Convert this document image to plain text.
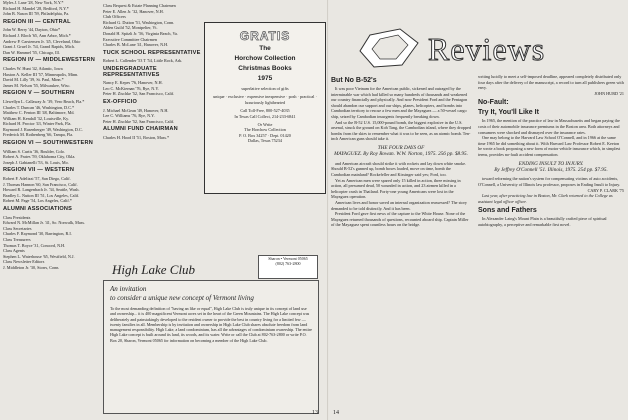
Myles J. Lane '28, New York, N.Y.*
Richard H. Mandel '28, Bedford, N.Y.*
John B. Nason III '59, Philadelphia, Pa.
REGION III — CENTRAL
John W. Berry '44, Dayton, Ohio*
Richard J. Bloch '65, Ann Arbor, Mich.*
Andrew P. Carstensen Jr. '45, Cleveland, Ohio
Grant J. Gruel Jr. '54, Grand Rapids, Mich.
Dan W. Hammel '55, Chicago, Ill.
REGION IV — MIDDLEWESTERN
Charles W. Hunt '42, Atlantic, Iowa
Haxton A. Keller III '57, Minneapolis, Minn.
David M. Lilly '39, St. Paul, Minn.*
James M. Nelson '55, Milwaukee, Wisc.
REGION V — SOUTHERN
Llewellyn L. Callaway Jr. '39, Vero Beach, Fla.*
Charles T. Duncan '46, Washington, D.C.*
Matthew C. Fenton III '48, Baltimore, Md.
William H. Kendall '32, Louisville, Ky.
Richard H. Proctor '43, Winter Park, Fla.
Raymond J. Rasenberger '49, Washington, D.C.
Frederick M. Rothenberg '66, Tampa, Fla.
REGION VI — SOUTHWESTERN
William S. Curtis '36, Boulder, Colo.
Robert A. Frates '59, Oklahoma City, Okla.
Joseph J. Gabianelli '53, St. Louis, Mo.
REGION VII — WESTERN
Robert F. Adelizzi '57, San Diego, Calif.
J. Thomas Hannon '60, San Francisco, Calif.
Howard R. Langenbach Jr. '34, Seattle, Wash.
Bradley L. Nutton III '51, Los Angeles, Calif.
Robert M. Page '54, Los Angeles, Calif.*
ALUMNI ASSOCIATIONS
Class Presidents
Edward N. McMillan Jr. '41, So. Norwalk, Mass.
Class Secretaries
Charles F. Raymond '30, Barrington, R.I.
Class Treasurers
Thomas T. Boyce '31, Concord, N.H.
Class Agents
Stephen L. Waterhouse '65, Westfield, N.J.
Class Newsletter Editors
J. Middleton Jr. '30, Storrs, Conn.
Class Bequest & Estate Planning Chairmen
Peter E. Allen Jr. '32, Hanover, N.H.
Club Officers
Richard G. Dutton '51, Washington, Conn.
Alden Guild '52, Montpelier, Vt.
Donald H. Spitzli Jr. '56, Virginia Beach, Va.
Executive Committee Chairmen
Charles B. McLane '41, Hanover, N.H.
TUCK SCHOOL REPRESENTATIVE
Robert L. Callender '53 T '54, Little Rock, Ark.
UNDERGRADUATE REPRESENTATIVES
Nancy E. Kepes '76, Hanover, N.H.
Leo C. McKiernan '76, Rye, N.Y.
Peter H. Zischke '52, San Francisco, Calif.
EX-OFFICIO
J. Michael McGean '49, Hanover, N.H.
Lee C. Williams '76, Rye, N.Y.
Peter H. Zischke '52, San Francisco, Calif.
ALUMNI FUND CHAIRMAN
Charles H. Hood II '51, Boston, Mass.*
GRATIS
The
Horchow Collection
Christmas Books
1975
superlative selection of gifts
unique · exclusive · expensive inexpensive · posh · practical · luxuriously lighthearted
Call Toll-Free, 800-527-4035
In Texas Call Collect, 214-233-6841
Or Write
The Horchow Collection
P. O. Box 34257 · Dept. 01420
Dallas, Texas 75234
High Lake Club
Sharon • Vermont 05065
(802) 763-2800
An invitation
to consider a unique new concept of Vermont living
To the most demanding definition of "having an like or equal", High Lake Club is truly unique in its concept of land use and ownership... it is 400 magnificent Vermont acres set in the heart of the Green Mountains. The High Lake concept was deliberately and painstakingly developed to the resident owner to provide the best in country living for a limited few — twenty families in all. Membership is by invitation and ownership in High Lake Club shares absolute freedom from land management responsibility. High Lake, a land condominium, has all the advantages of condominium ownership. The entire High Lake concept is built around its land, its woods, and its water. Write or call the Club at 802-763-2800 or write P.O. Box 20, Sharon, Vermont 05065 for information on becoming a member of the High Lake Club.
13
Reviews
But No B-52's

It was poor Vietnam for the American public, sickened and outraged by the interminable war which had killed so many hundreds of thousands and weakened our country financially and physically. And now President Ford and the Pentagon should abandon our support and our ships, planes, helicopters, and bombs into Cambodian territory to rescue a few men and the Mayaguez — a 50-vessel cargo ship, seized by Cambodian insurgents frequently breaking down.

And so the B-52 U.S. 15,000-pound bomb, the biggest explosive in the U.S. arsenal, struck the ground on Koh Tang, the Cambodian island, where they dropped bombs from the skies to remember what it was to be seen, as an atomic bomb. Ten-inch American guns should take it.

THE FOUR DAYS OF
MAYAGUEZ. By Roy Rowan. W.W. Norton, 1975. 256 pp. $8.95.

and American aircraft should strike it with rockets and lay down white smoke. Should B-52's gunned up, bomb boxes loaded, move on time, bomb the Cambodian mainland? Rockefeller and Kissinger said yes; Ford, too.

Yet as American men were spared only 15 killed in action, three missing in action, all presumed dead, 50 wounded in action, and 23 airmen killed in a helicopter crash in Thailand. Forty-one young Americans were lost in the Mayaguez operation.

American lives and honor saved an internal organization reassessed? The story demanded to be told distinctly. And it has been.

President Ford gave first news of the capture to the White House. None of the Mayaguez returned thousands of questions, recounted aboard ship. Captain Miller of the Mayaguez spent countless hours on the bridge.

writing lucidly to meet a self-imposed deadline, appeared completely distributed only four days after the delivery of the manuscript, a record to turn all publishers green with envy.

JOHN HURD '21
No-Fault:
Try It, You'll Like It

In 1965, the mention of the practice of law in Massachusetts and began paying the costs of their automobile insurance premiums in the Boston area. Both attorneys and consumers were shocked and dismayed over the insurance rates.

One may belong to the Harvard Law School O'Connell, and in 1966 at the same time 1965 he did something about it. With Harvard Law Professor Robert E. Keeton he wrote a book proposing a new form of motor vehicle insurance which, in simplest terms, provides no-fault accident compensation.

ENDING INSULT TO INJURY.
By Jeffrey O'Connell '51. Illinois, 1975. 254 pp. $7.95.

toward reforming the nation's system for compensating victims of auto accidents, O'Connell, a University of Illinois law professor, proposes in Ending Insult to Injury.

CARY P. CLARK '75

Last year, after practicing law in Boston, Mr. Clark returned to the College as assistant legal officer officer.

Sons and Fathers

In Alexander Laing's Mount Plain is a beautifully crafted piece of spiritual autobiography, a perceptive and remarkable first novel.

14
